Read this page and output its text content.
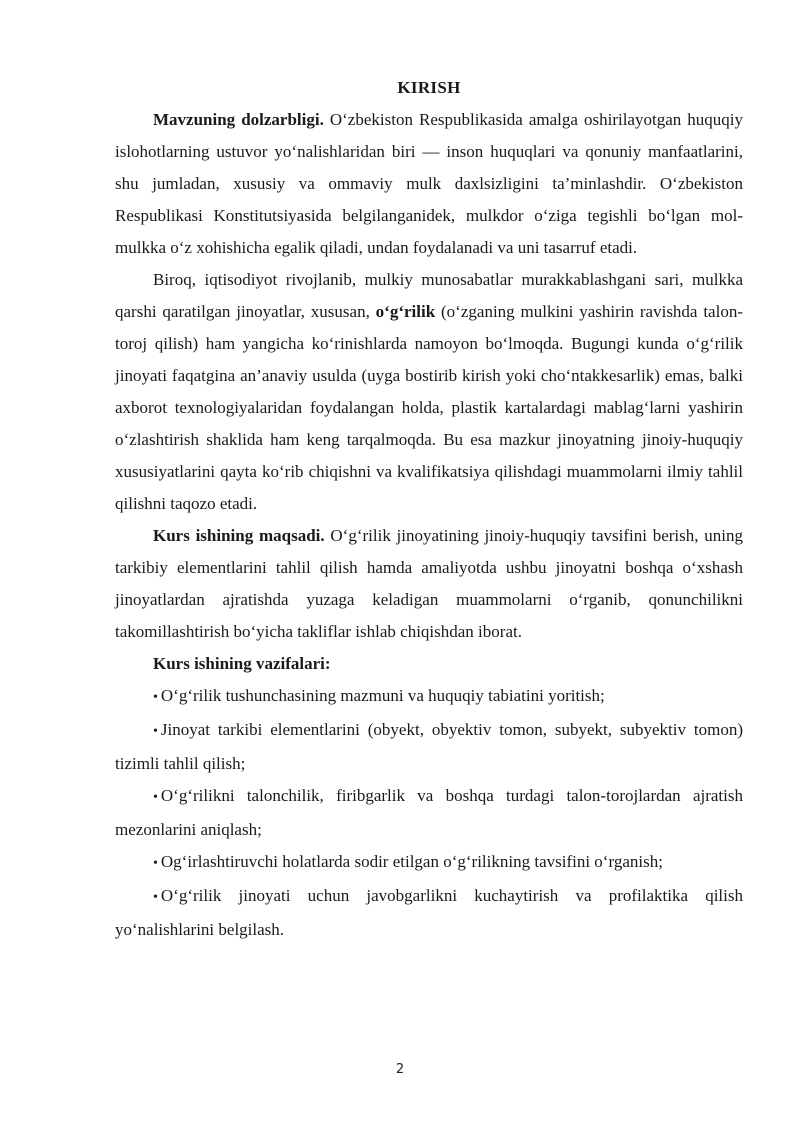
KIRISH

Mavzuning dolzarbligi. O‘zbekiston Respublikasida amalga oshirilayotgan huquqiy islohotlarning ustuvor yo‘nalishlaridan biri — inson huquqlari va qonuniy manfaatlarini, shu jumladan, xususiy va ommaviy mulk daxlsizligini ta’minlashdir. O‘zbekiston Respublikasi Konstitutsiyasida belgilanganidek, mulkdor o‘ziga tegishli bo‘lgan mol-mulkka o‘z xohishicha egalik qiladi, undan foydalanadi va uni tasarruf etadi.

Biroq, iqtisodiyot rivojlanib, mulkiy munosabatlar murakkablashgani sari, mulkka qarshi qaratilgan jinoyatlar, xususan, o‘g‘rilik (o‘zganing mulkini yashirin ravishda talon-toroj qilish) ham yangicha ko‘rinishlarda namoyon bo‘lmoqda. Bugungi kunda o‘g‘rilik jinoyati faqatgina an’anaviy usulda (uyga bostirib kirish yoki cho‘ntakkesarlik) emas, balki axborot texnologiyalaridan foydalangan holda, plastik kartalardagi mablag‘larni yashirin o‘zlashtirish shaklida ham keng tarqalmoqda. Bu esa mazkur jinoyatning jinoiy-huquqiy xususiyatlarini qayta ko‘rib chiqishni va kvalifikatsiya qilishdagi muammolarni ilmiy tahlil qilishni taqozo etadi.

Kurs ishining maqsadi. O‘g‘rilik jinoyatining jinoiy-huquqiy tavsifini berish, uning tarkibiy elementlarini tahlil qilish hamda amaliyotda ushbu jinoyatni boshqa o‘xshash jinoyatlardan ajratishda yuzaga keladigan muammolarni o‘rganib, qonunchilikni takomillashtirish bo‘yicha takliflar ishlab chiqishdan iborat.

Kurs ishining vazifalari:

• O‘g‘rilik tushunchasining mazmuni va huquqiy tabiatini yoritish;

• Jinoyat tarkibi elementlarini (obyekt, obyektiv tomon, subyekt, subyektiv tomon) tizimli tahlil qilish;

• O‘g‘rilikni talonchilik, firibgarlik va boshqa turdagi talon-torojlardan ajratish mezonlarini aniqlash;

• Og‘irlashtiruvchi holatlarda sodir etilgan o‘g‘rilikning tavsifini o‘rganish;

• O‘g‘rilik jinoyati uchun javobgarlikni kuchaytirish va profilaktika qilish yo‘nalishlarini belgilash.

2
